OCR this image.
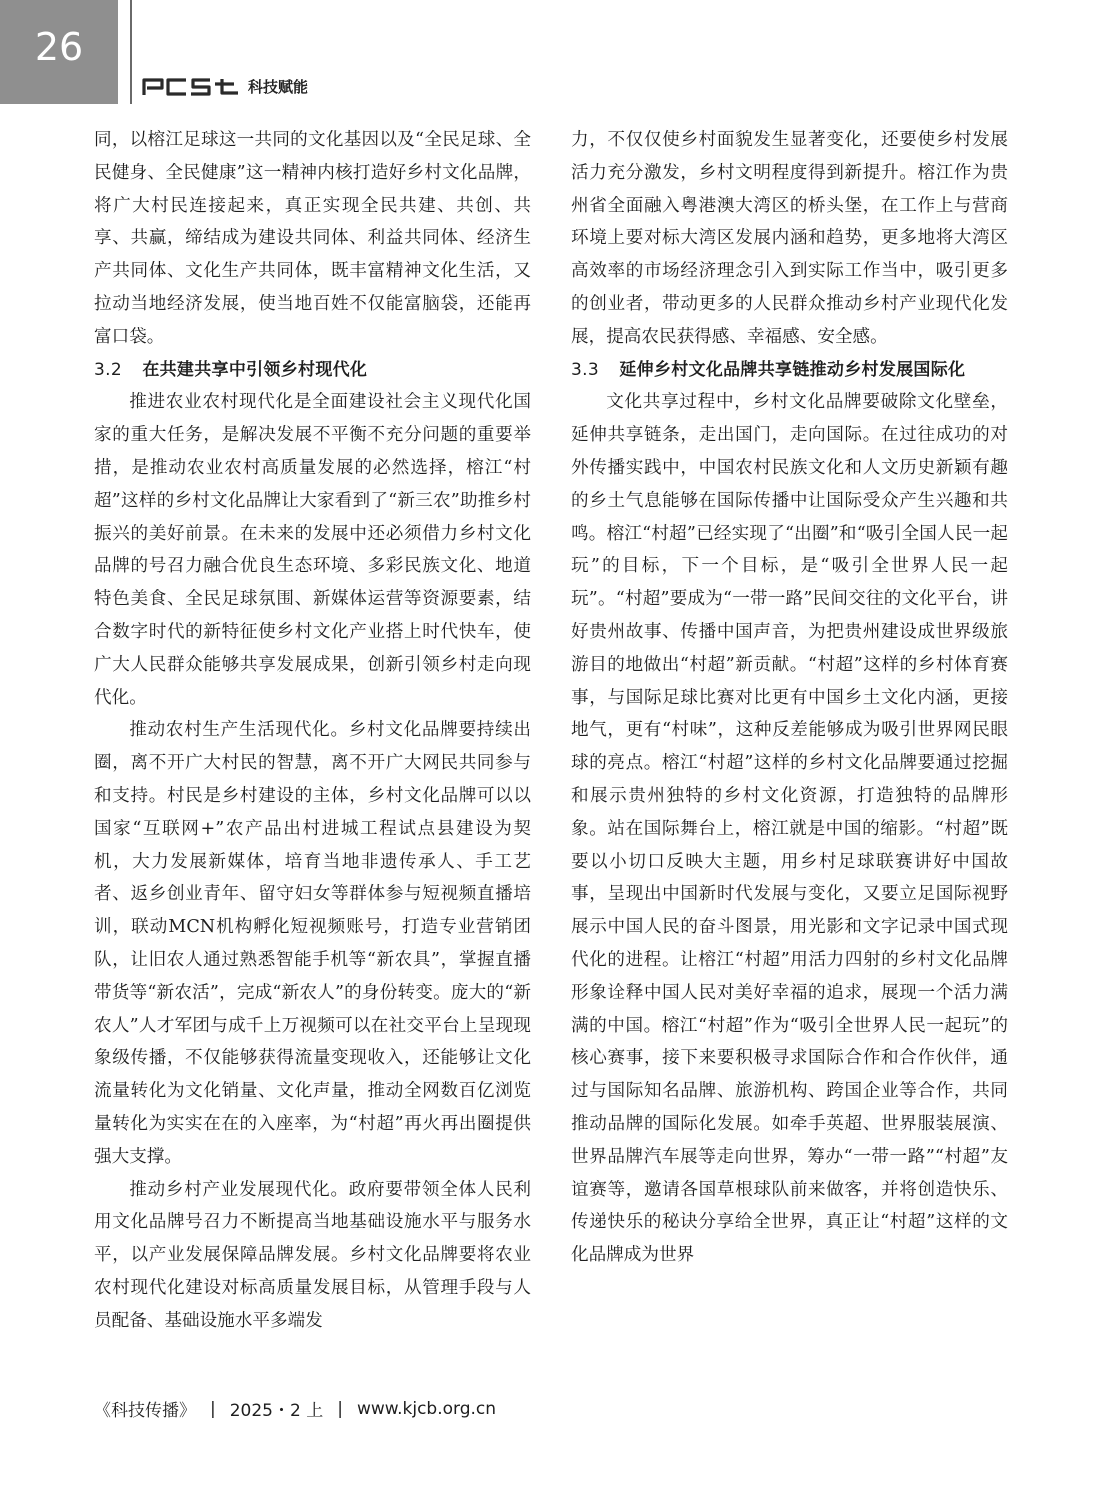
26
科技赋能

同，以榕江足球这一共同的文化基因以及“全民足球、全民健身、全民健康”这一精神内核打造好乡村文化品牌，将广大村民连接起来，真正实现全民共建、共创、共享、共赢，缔结成为建设共同体、利益共同体、经济生产共同体、文化生产共同体，既丰富精神文化生活，又拉动当地经济发展，使当地百姓不仅能富脑袋，还能再富口袋。

3.2 在共建共享中引领乡村现代化

推进农业农村现代化是全面建设社会主义现代化国家的重大任务，是解决发展不平衡不充分问题的重要举措，是推动农业农村高质量发展的必然选择，榕江“村超”这样的乡村文化品牌让大家看到了“新三农”助推乡村振兴的美好前景。在未来的发展中还必须借力乡村文化品牌的号召力融合优良生态环境、多彩民族文化、地道特色美食、全民足球氛围、新媒体运营等资源要素，结合数字时代的新特征使乡村文化产业搭上时代快车，使广大人民群众能够共享发展成果，创新引领乡村走向现代化。

推动农村生产生活现代化。乡村文化品牌要持续出圈，离不开广大村民的智慧，离不开广大网民共同参与和支持。村民是乡村建设的主体，乡村文化品牌可以以国家“互联网+”农产品出村进城工程试点县建设为契机，大力发展新媒体，培育当地非遗传承人、手工艺者、返乡创业青年、留守妇女等群体参与短视频直播培训，联动MCN机构孵化短视频账号，打造专业营销团队，让旧农人通过熟悉智能手机等“新农具”，掌握直播带货等“新农活”，完成“新农人”的身份转变。庞大的“新农人”人才军团与成千上万视频可以在社交平台上呈现现象级传播，不仅能够获得流量变现收入，还能够让文化流量转化为文化销量、文化声量，推动全网数百亿浏览量转化为实实在在的入座率，为“村超”再火再出圈提供强大支撑。

推动乡村产业发展现代化。政府要带领全体人民利用文化品牌号召力不断提高当地基础设施水平与服务水平，以产业发展保障品牌发展。乡村文化品牌要将农业农村现代化建设对标高质量发展目标，从管理手段与人员配备、基础设施水平多端发

力，不仅仅使乡村面貌发生显著变化，还要使乡村发展活力充分激发，乡村文明程度得到新提升。榕江作为贵州省全面融入粤港澳大湾区的桥头堡，在工作上与营商环境上要对标大湾区发展内涵和趋势，更多地将大湾区高效率的市场经济理念引入到实际工作当中，吸引更多的创业者，带动更多的人民群众推动乡村产业现代化发展，提高农民获得感、幸福感、安全感。

3.3 延伸乡村文化品牌共享链推动乡村发展国际化

文化共享过程中，乡村文化品牌要破除文化壁垒，延伸共享链条，走出国门，走向国际。在过往成功的对外传播实践中，中国农村民族文化和人文历史新颖有趣的乡土气息能够在国际传播中让国际受众产生兴趣和共鸣。榕江“村超”已经实现了“出圈”和“吸引全国人民一起玩”的目标，下一个目标，是“吸引全世界人民一起玩”。“村超”要成为“一带一路”民间交往的文化平台，讲好贵州故事、传播中国声音，为把贵州建设成世界级旅游目的地做出“村超”新贡献。“村超”这样的乡村体育赛事，与国际足球比赛对比更有中国乡土文化内涵，更接地气，更有“村味”，这种反差能够成为吸引世界网民眼球的亮点。榕江“村超”这样的乡村文化品牌要通过挖掘和展示贵州独特的乡村文化资源，打造独特的品牌形象。站在国际舞台上，榕江就是中国的缩影。“村超”既要以小切口反映大主题，用乡村足球联赛讲好中国故事，呈现出中国新时代发展与变化，又要立足国际视野展示中国人民的奋斗图景，用光影和文字记录中国式现代化的进程。让榕江“村超”用活力四射的乡村文化品牌形象诠释中国人民对美好幸福的追求，展现一个活力满满的中国。榕江“村超”作为“吸引全世界人民一起玩”的核心赛事，接下来要积极寻求国际合作和合作伙伴，通过与国际知名品牌、旅游机构、跨国企业等合作，共同推动品牌的国际化发展。如牵手英超、世界服装展演、世界品牌汽车展等走向世界，筹办“一带一路”“村超”友谊赛等，邀请各国草根球队前来做客，并将创造快乐、传递快乐的秘诀分享给全世界，真正让“村超”这样的文化品牌成为世界

《科技传播》 | 2025・2 上 | www.kjcb.org.cn
